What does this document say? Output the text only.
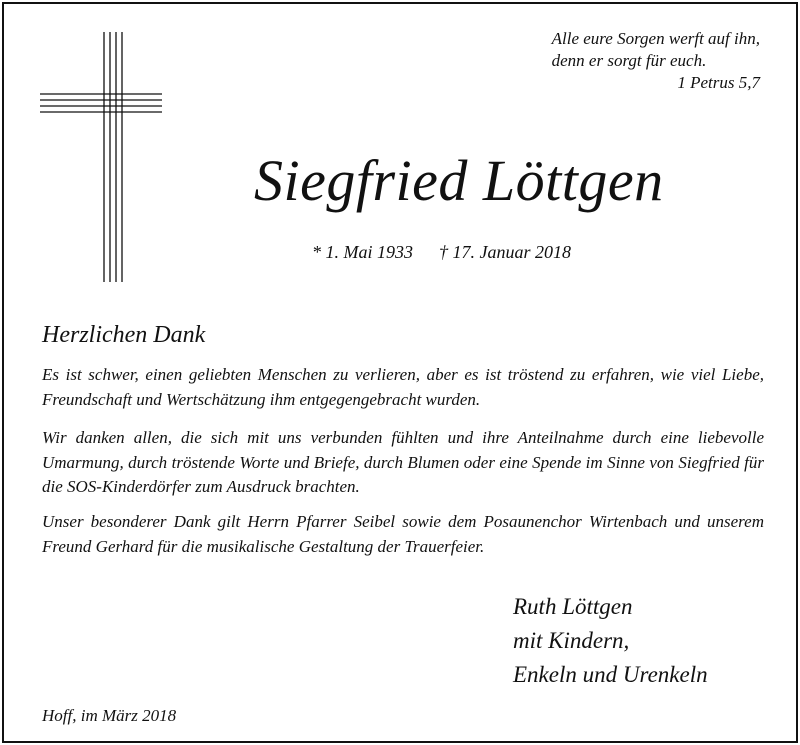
Alle eure Sorgen werft auf ihn,
denn er sorgt für euch.
1 Petrus 5,7
Siegfried Löttgen
* 1. Mai 1933 † 17. Januar 2018
Herzlichen Dank

Es ist schwer, einen geliebten Menschen zu verlieren, aber es ist tröstend zu erfahren, wie viel Liebe, Freundschaft und Wertschätzung ihm entgegengebracht wurden.

Wir danken allen, die sich mit uns verbunden fühlten und ihre Anteilnahme durch eine liebevolle Umarmung, durch tröstende Worte und Briefe, durch Blumen oder eine Spende im Sinne von Siegfried für die SOS-Kinderdörfer zum Ausdruck brachten.

Unser besonderer Dank gilt Herrn Pfarrer Seibel sowie dem Posaunenchor Wirtenbach und unserem Freund Gerhard für die musikalische Gestaltung der Trauerfeier.

Ruth Löttgen
mit Kindern,
Enkeln und Urenkeln
Hoff, im März 2018
